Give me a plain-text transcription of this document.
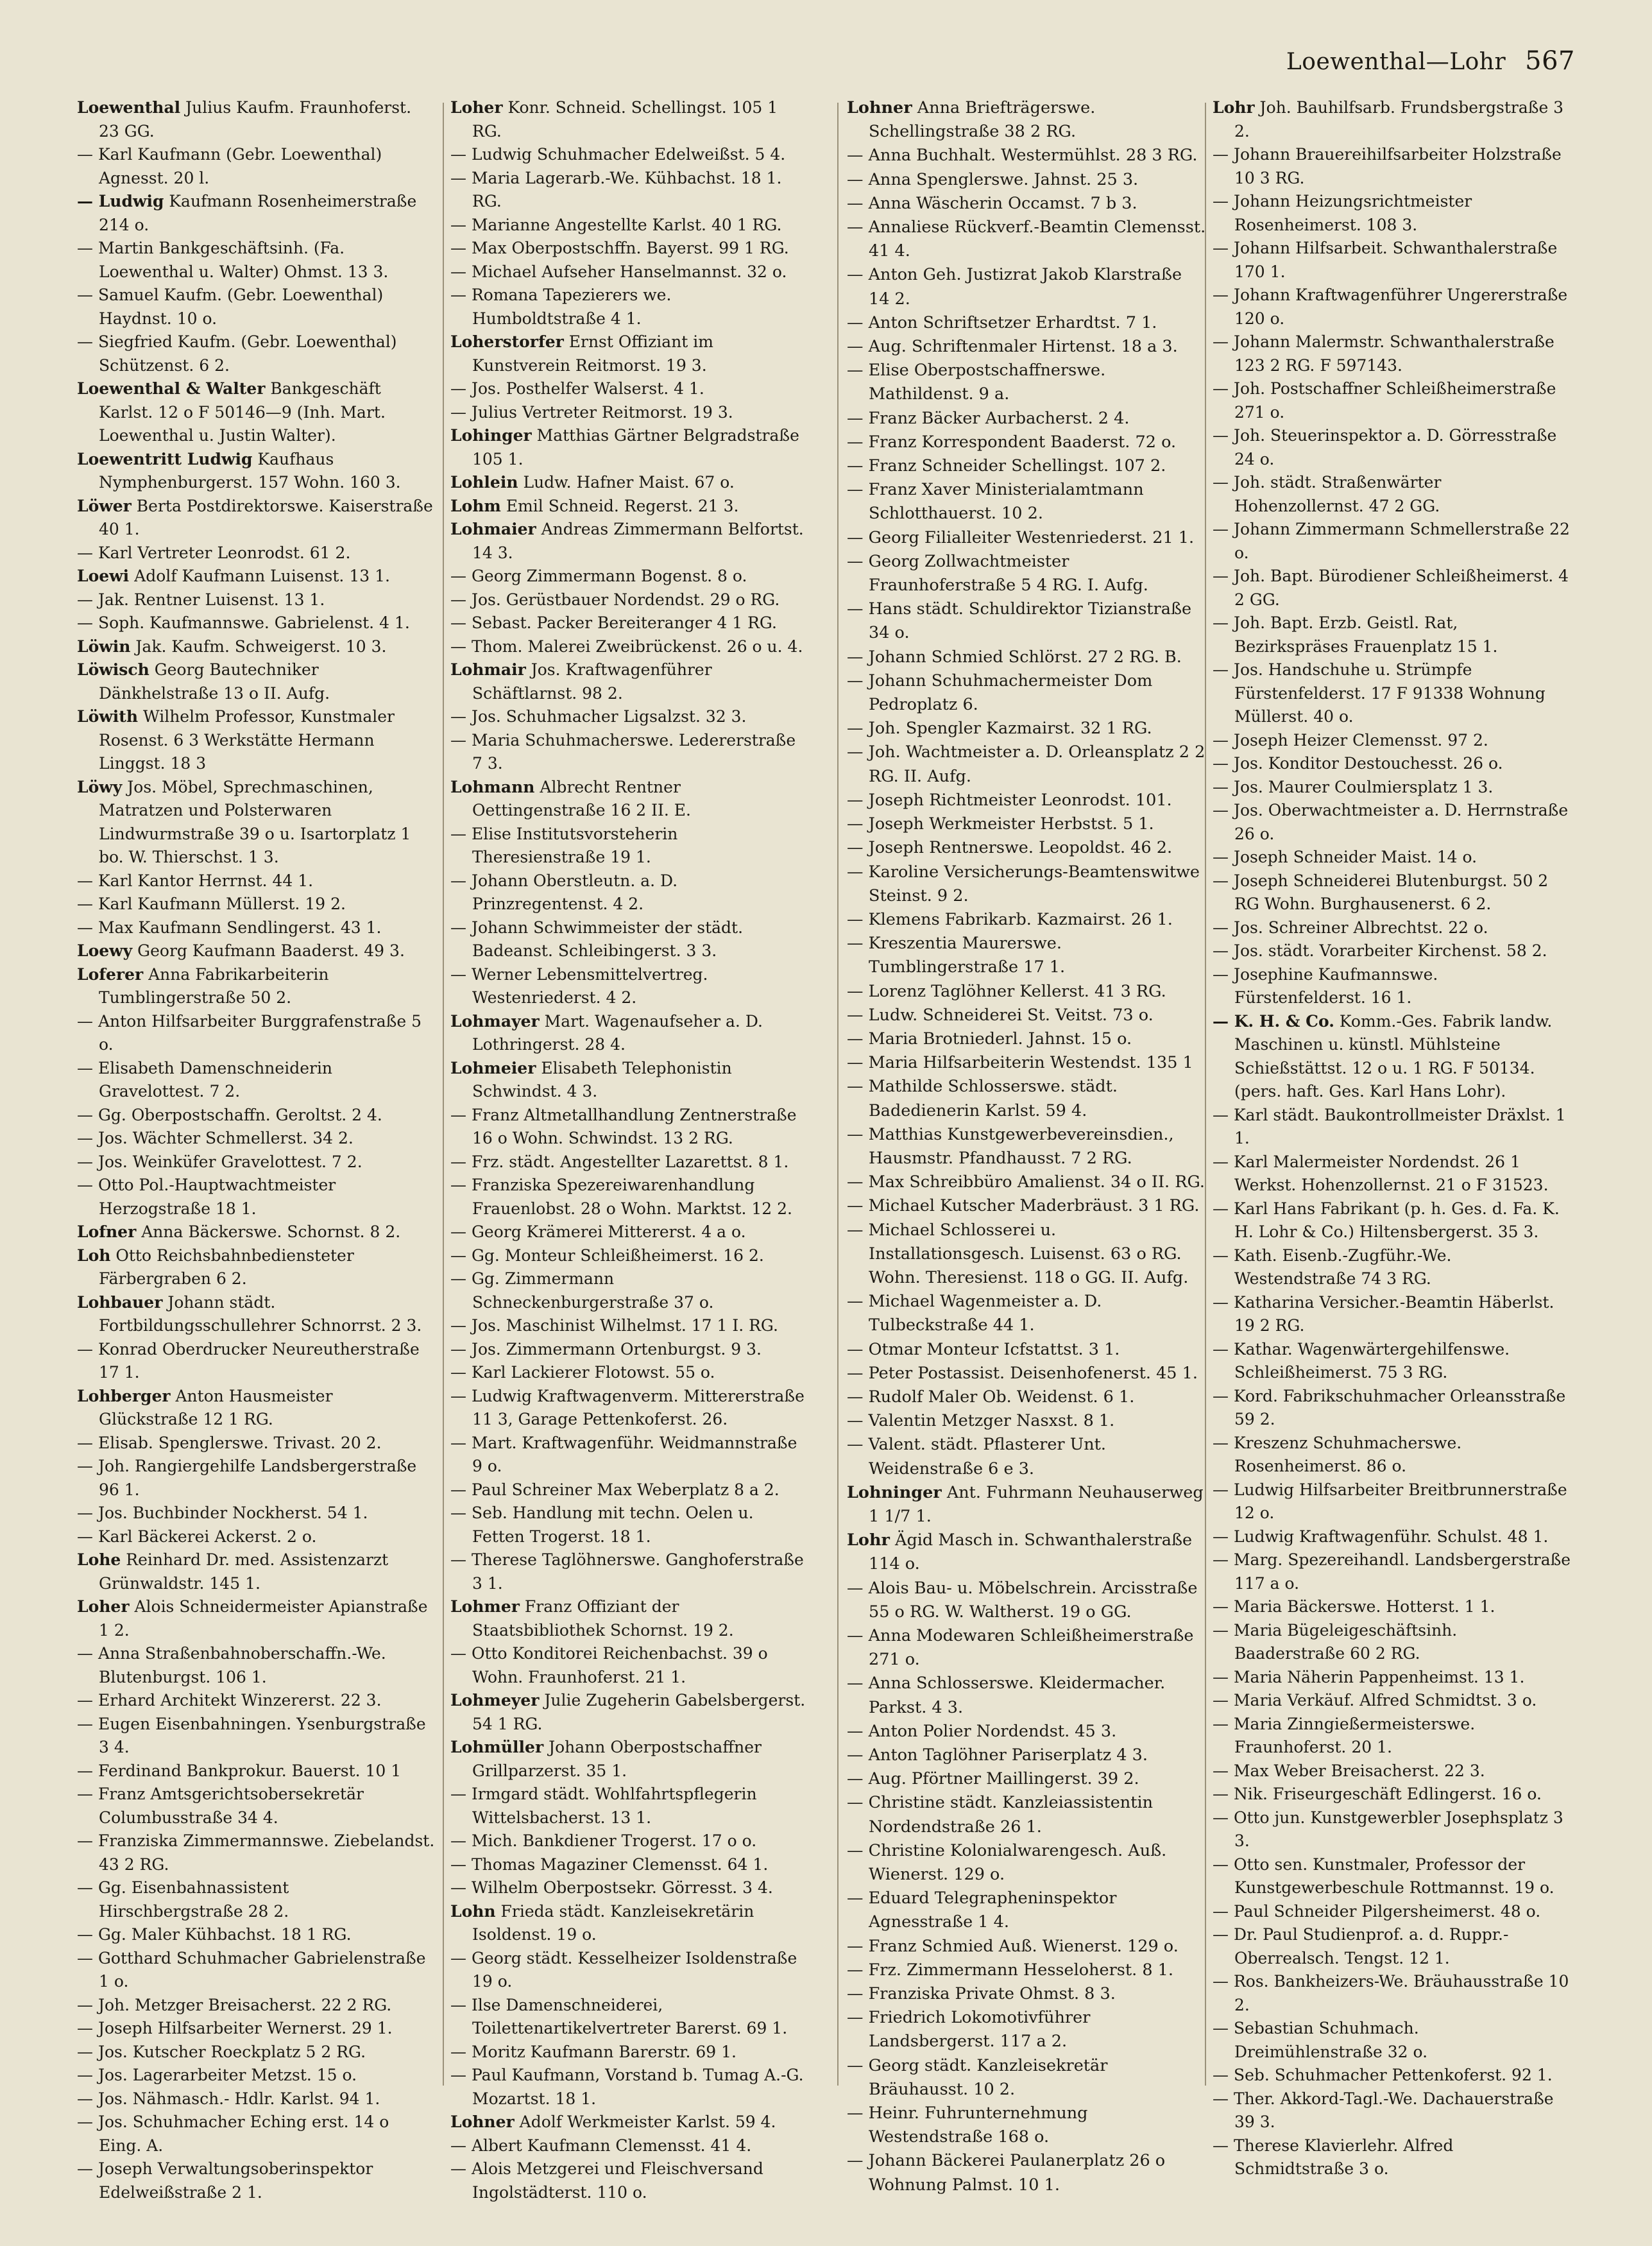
Loewenthal—Lohr 567

Loewenthal Julius Kaufm. Fraunhoferst. 23 GG.

— Karl Kaufmann (Gebr. Loewenthal) Agnesst. 20 l.

— Ludwig Kaufmann Rosenheimerstraße 214 o.

— Martin Bankgeschäftsinh. (Fa. Loewenthal u. Walter) Ohmst. 13 3.

— Samuel Kaufm. (Gebr. Loewenthal) Haydnst. 10 o.

— Siegfried Kaufm. (Gebr. Loewenthal) Schützenst. 6 2.

Loewenthal & Walter Bankgeschäft Karlst. 12 o F 50146—9 (Inh. Mart. Loewenthal u. Justin Walter).

Loewentritt Ludwig Kaufhaus Nymphenburgerst. 157 Wohn. 160 3.

Löwer Berta Postdirektorswe. Kaiserstraße 40 1.

— Karl Vertreter Leonrodst. 61 2.

Loewi Adolf Kaufmann Luisenst. 13 1.

— Jak. Rentner Luisenst. 13 1.

— Soph. Kaufmannswe. Gabrielenst. 4 1.

Löwin Jak. Kaufm. Schweigerst. 10 3.

Löwisch Georg Bautechniker Dänkhelstraße 13 o II. Aufg.

Löwith Wilhelm Professor, Kunstmaler Rosenst. 6 3 Werkstätte Hermann Linggst. 18 3

Löwy Jos. Möbel, Sprechmaschinen, Matratzen und Polsterwaren Lindwurmstraße 39 o u. Isartorplatz 1 bo. W. Thierschst. 1 3.

— Karl Kantor Herrnst. 44 1.

— Karl Kaufmann Müllerst. 19 2.

— Max Kaufmann Sendlingerst. 43 1.

Loewy Georg Kaufmann Baaderst. 49 3.

Loferer Anna Fabrikarbeiterin Tumblingerstraße 50 2.

— Anton Hilfsarbeiter Burggrafenstraße 5 o.

— Elisabeth Damenschneiderin Gravelottest. 7 2.

— Gg. Oberpostschaffn. Geroltst. 2 4.

— Jos. Wächter Schmellerst. 34 2.

— Jos. Weinküfer Gravelottest. 7 2.

— Otto Pol.-Hauptwachtmeister Herzogstraße 18 1.

Lofner Anna Bäckerswe. Schornst. 8 2.

Loh Otto Reichsbahnbediensteter Färbergraben 6 2.

Lohbauer Johann städt. Fortbildungsschullehrer Schnorrst. 2 3.

— Konrad Oberdrucker Neureutherstraße 17 1.

Lohberger Anton Hausmeister Glückstraße 12 1 RG.

— Elisab. Spenglerswe. Trivast. 20 2.

— Joh. Rangiergehilfe Landsbergerstraße 96 1.

— Jos. Buchbinder Nockherst. 54 1.

— Karl Bäckerei Ackerst. 2 o.

Lohe Reinhard Dr. med. Assistenzarzt Grünwaldstr. 145 1.

Loher Alois Schneidermeister Apianstraße 1 2.

— Anna Straßenbahnoberschaffn.-We. Blutenburgst. 106 1.

— Erhard Architekt Winzererst. 22 3.

— Eugen Eisenbahningen. Ysenburgstraße 3 4.

— Ferdinand Bankprokur. Bauerst. 10 1

— Franz Amtsgerichtsobersekretär Columbusstraße 34 4.

— Franziska Zimmermannswe. Ziebelandst. 43 2 RG.

— Gg. Eisenbahnassistent Hirschbergstraße 28 2.

— Gg. Maler Kühbachst. 18 1 RG.

— Gotthard Schuhmacher Gabrielenstraße 1 o.

— Joh. Metzger Breisacherst. 22 2 RG.

— Joseph Hilfsarbeiter Wernerst. 29 1.

— Jos. Kutscher Roeckplatz 5 2 RG.

— Jos. Lagerarbeiter Metzst. 15 o.

— Jos. Nähmasch.- Hdlr. Karlst. 94 1.

— Jos. Schuhmacher Eching erst. 14 o Eing. A.

— Joseph Verwaltungsoberinspektor Edelweißstraße 2 1.

Loher Konr. Schneid. Schellingst. 105 1 RG.

— Ludwig Schuhmacher Edelweißst. 5 4.

— Maria Lagerarb.-We. Kühbachst. 18 1. RG.

— Marianne Angestellte Karlst. 40 1 RG.

— Max Oberpostschffn. Bayerst. 99 1 RG.

— Michael Aufseher Hanselmannst. 32 o.

— Romana Tapezierers we. Humboldtstraße 4 1.

Loherstorfer Ernst Offiziant im Kunstverein Reitmorst. 19 3.

— Jos. Posthelfer Walserst. 4 1.

— Julius Vertreter Reitmorst. 19 3.

Lohinger Matthias Gärtner Belgradstraße 105 1.

Lohlein Ludw. Hafner Maist. 67 o.

Lohm Emil Schneid. Regerst. 21 3.

Lohmaier Andreas Zimmermann Belfortst. 14 3.

— Georg Zimmermann Bogenst. 8 o.

— Jos. Gerüstbauer Nordendst. 29 o RG.

— Sebast. Packer Bereiteranger 4 1 RG.

— Thom. Malerei Zweibrückenst. 26 o u. 4.

Lohmair Jos. Kraftwagenführer Schäftlarnst. 98 2.

— Jos. Schuhmacher Ligsalzst. 32 3.

— Maria Schuhmacherswe. Ledererstraße 7 3.

Lohmann Albrecht Rentner Oettingenstraße 16 2 II. E.

— Elise Institutsvorsteherin Theresienstraße 19 1.

— Johann Oberstleutn. a. D. Prinzregentenst. 4 2.

— Johann Schwimmeister der städt. Badeanst. Schleibingerst. 3 3.

— Werner Lebensmittelvertreg. Westenriederst. 4 2.

Lohmayer Mart. Wagenaufseher a. D. Lothringerst. 28 4.

Lohmeier Elisabeth Telephonistin Schwindst. 4 3.

— Franz Altmetallhandlung Zentnerstraße 16 o Wohn. Schwindst. 13 2 RG.

— Frz. städt. Angestellter Lazarettst. 8 1.

— Franziska Spezereiwarenhandlung Frauenlobst. 28 o Wohn. Marktst. 12 2.

— Georg Krämerei Mittererst. 4 a o.

— Gg. Monteur Schleißheimerst. 16 2.

— Gg. Zimmermann Schneckenburgerstraße 37 o.

— Jos. Maschinist Wilhelmst. 17 1 I. RG.

— Jos. Zimmermann Ortenburgst. 9 3.

— Karl Lackierer Flotowst. 55 o.

— Ludwig Kraftwagenverm. Mittererstraße 11 3, Garage Pettenkoferst. 26.

— Mart. Kraftwagenführ. Weidmannstraße 9 o.

— Paul Schreiner Max Weberplatz 8 a 2.

— Seb. Handlung mit techn. Oelen u. Fetten Trogerst. 18 1.

— Therese Taglöhnerswe. Ganghoferstraße 3 1.

Lohmer Franz Offiziant der Staatsbibliothek Schornst. 19 2.

— Otto Konditorei Reichenbachst. 39 o Wohn. Fraunhoferst. 21 1.

Lohmeyer Julie Zugeherin Gabelsbergerst. 54 1 RG.

Lohmüller Johann Oberpostschaffner Grillparzerst. 35 1.

— Irmgard städt. Wohlfahrtspflegerin Wittelsbacherst. 13 1.

— Mich. Bankdiener Trogerst. 17 o o.

— Thomas Magaziner Clemensst. 64 1.

— Wilhelm Oberpostsekr. Görresst. 3 4.

Lohn Frieda städt. Kanzleisekretärin Isoldenst. 19 o.

— Georg städt. Kesselheizer Isoldenstraße 19 o.

— Ilse Damenschneiderei, Toilettenartikelvertreter Barerst. 69 1.

— Moritz Kaufmann Barerstr. 69 1.

— Paul Kaufmann, Vorstand b. Tumag A.-G. Mozartst. 18 1.

Lohner Adolf Werkmeister Karlst. 59 4.

— Albert Kaufmann Clemensst. 41 4.

— Alois Metzgerei und Fleischversand Ingolstädterst. 110 o.

Lohner Anna Briefträgerswe. Schellingstraße 38 2 RG.

— Anna Buchhalt. Westermühlst. 28 3 RG.

— Anna Spenglerswe. Jahnst. 25 3.

— Anna Wäscherin Occamst. 7 b 3.

— Annaliese Rückverf.-Beamtin Clemensst. 41 4.

— Anton Geh. Justizrat Jakob Klarstraße 14 2.

— Anton Schriftsetzer Erhardtst. 7 1.

— Aug. Schriftenmaler Hirtenst. 18 a 3.

— Elise Oberpostschaffnerswe. Mathildenst. 9 a.

— Franz Bäcker Aurbacherst. 2 4.

— Franz Korrespondent Baaderst. 72 o.

— Franz Schneider Schellingst. 107 2.

— Franz Xaver Ministerialamtmann Schlotthauerst. 10 2.

— Georg Filialleiter Westenriederst. 21 1.

— Georg Zollwachtmeister Fraunhoferstraße 5 4 RG. I. Aufg.

— Hans städt. Schuldirektor Tizianstraße 34 o.

— Johann Schmied Schlörst. 27 2 RG. B.

— Johann Schuhmachermeister Dom Pedroplatz 6.

— Joh. Spengler Kazmairst. 32 1 RG.

— Joh. Wachtmeister a. D. Orleansplatz 2 2 RG. II. Aufg.

— Joseph Richtmeister Leonrodst. 101.

— Joseph Werkmeister Herbstst. 5 1.

— Joseph Rentnerswe. Leopoldst. 46 2.

— Karoline Versicherungs-Beamtenswitwe Steinst. 9 2.

— Klemens Fabrikarb. Kazmairst. 26 1.

— Kreszentia Maurerswe. Tumblingerstraße 17 1.

— Lorenz Taglöhner Kellerst. 41 3 RG.

— Ludw. Schneiderei St. Veitst. 73 o.

— Maria Brotniederl. Jahnst. 15 o.

— Maria Hilfsarbeiterin Westendst. 135 1

— Mathilde Schlosserswe. städt. Badedienerin Karlst. 59 4.

— Matthias Kunstgewerbevereinsdien., Hausmstr. Pfandhausst. 7 2 RG.

— Max Schreibbüro Amalienst. 34 o II. RG.

— Michael Kutscher Maderbräust. 3 1 RG.

— Michael Schlosserei u. Installationsgesch. Luisenst. 63 o RG. Wohn. Theresienst. 118 o GG. II. Aufg.

— Michael Wagenmeister a. D. Tulbeckstraße 44 1.

— Otmar Monteur Icfstattst. 3 1.

— Peter Postassist. Deisenhofenerst. 45 1.

— Rudolf Maler Ob. Weidenst. 6 1.

— Valentin Metzger Nasxst. 8 1.

— Valent. städt. Pflasterer Unt. Weidenstraße 6 e 3.

Lohninger Ant. Fuhrmann Neuhauserweg 1 1/7 1.

Lohr Ägid Masch in. Schwanthalerstraße 114 o.

— Alois Bau- u. Möbelschrein. Arcisstraße 55 o RG. W. Waltherst. 19 o GG.

— Anna Modewaren Schleißheimerstraße 271 o.

— Anna Schlosserswe. Kleidermacher. Parkst. 4 3.

— Anton Polier Nordendst. 45 3.

— Anton Taglöhner Pariserplatz 4 3.

— Aug. Pförtner Maillingerst. 39 2.

— Christine städt. Kanzleiassistentin Nordendstraße 26 1.

— Christine Kolonialwarengesch. Auß. Wienerst. 129 o.

— Eduard Telegrapheninspektor Agnesstraße 1 4.

— Franz Schmied Auß. Wienerst. 129 o.

— Frz. Zimmermann Hesseloherst. 8 1.

— Franziska Private Ohmst. 8 3.

— Friedrich Lokomotivführer Landsbergerst. 117 a 2.

— Georg städt. Kanzleisekretär Bräuhausst. 10 2.

— Heinr. Fuhrunternehmung Westendstraße 168 o.

— Johann Bäckerei Paulanerplatz 26 o Wohnung Palmst. 10 1.

Lohr Joh. Bauhilfsarb. Frundsbergstraße 3 2.

— Johann Brauereihilfsarbeiter Holzstraße 10 3 RG.

— Johann Heizungsrichtmeister Rosenheimerst. 108 3.

— Johann Hilfsarbeit. Schwanthalerstraße 170 1.

— Johann Kraftwagenführer Ungererstraße 120 o.

— Johann Malermstr. Schwanthalerstraße 123 2 RG. F 597143.

— Joh. Postschaffner Schleißheimerstraße 271 o.

— Joh. Steuerinspektor a. D. Görresstraße 24 o.

— Joh. städt. Straßenwärter Hohenzollernst. 47 2 GG.

— Johann Zimmermann Schmellerstraße 22 o.

— Joh. Bapt. Bürodiener Schleißheimerst. 4 2 GG.

— Joh. Bapt. Erzb. Geistl. Rat, Bezirkspräses Frauenplatz 15 1.

— Jos. Handschuhe u. Strümpfe Fürstenfelderst. 17 F 91338 Wohnung Müllerst. 40 o.

— Joseph Heizer Clemensst. 97 2.

— Jos. Konditor Destouchesst. 26 o.

— Jos. Maurer Coulmiersplatz 1 3.

— Jos. Oberwachtmeister a. D. Herrnstraße 26 o.

— Joseph Schneider Maist. 14 o.

— Joseph Schneiderei Blutenburgst. 50 2 RG Wohn. Burghausenerst. 6 2.

— Jos. Schreiner Albrechtst. 22 o.

— Jos. städt. Vorarbeiter Kirchenst. 58 2.

— Josephine Kaufmannswe. Fürstenfelderst. 16 1.

— K. H. & Co. Komm.-Ges. Fabrik landw. Maschinen u. künstl. Mühlsteine Schießstättst. 12 o u. 1 RG. F 50134. (pers. haft. Ges. Karl Hans Lohr).

— Karl städt. Baukontrollmeister Dräxlst. 1 1.

— Karl Malermeister Nordendst. 26 1 Werkst. Hohenzollernst. 21 o F 31523.

— Karl Hans Fabrikant (p. h. Ges. d. Fa. K. H. Lohr & Co.) Hiltensbergerst. 35 3.

— Kath. Eisenb.-Zugführ.-We. Westendstraße 74 3 RG.

— Katharina Versicher.-Beamtin Häberlst. 19 2 RG.

— Kathar. Wagenwärtergehilfenswe. Schleißheimerst. 75 3 RG.

— Kord. Fabrikschuhmacher Orleansstraße 59 2.

— Kreszenz Schuhmacherswe. Rosenheimerst. 86 o.

— Ludwig Hilfsarbeiter Breitbrunnerstraße 12 o.

— Ludwig Kraftwagenführ. Schulst. 48 1.

— Marg. Spezereihandl. Landsbergerstraße 117 a o.

— Maria Bäckerswe. Hotterst. 1 1.

— Maria Bügeleigeschäftsinh. Baaderstraße 60 2 RG.

— Maria Näherin Pappenheimst. 13 1.

— Maria Verkäuf. Alfred Schmidtst. 3 o.

— Maria Zinngießermeisterswe. Fraunhoferst. 20 1.

— Max Weber Breisacherst. 22 3.

— Nik. Friseurgeschäft Edlingerst. 16 o.

— Otto jun. Kunstgewerbler Josephsplatz 3 3.

— Otto sen. Kunstmaler, Professor der Kunstgewerbeschule Rottmannst. 19 o.

— Paul Schneider Pilgersheimerst. 48 o.

— Dr. Paul Studienprof. a. d. Ruppr.-Oberrealsch. Tengst. 12 1.

— Ros. Bankheizers-We. Bräuhausstraße 10 2.

— Sebastian Schuhmach. Dreimühlenstraße 32 o.

— Seb. Schuhmacher Pettenkoferst. 92 1.

— Ther. Akkord-Tagl.-We. Dachauerstraße 39 3.

— Therese Klavierlehr. Alfred Schmidtstraße 3 o.
